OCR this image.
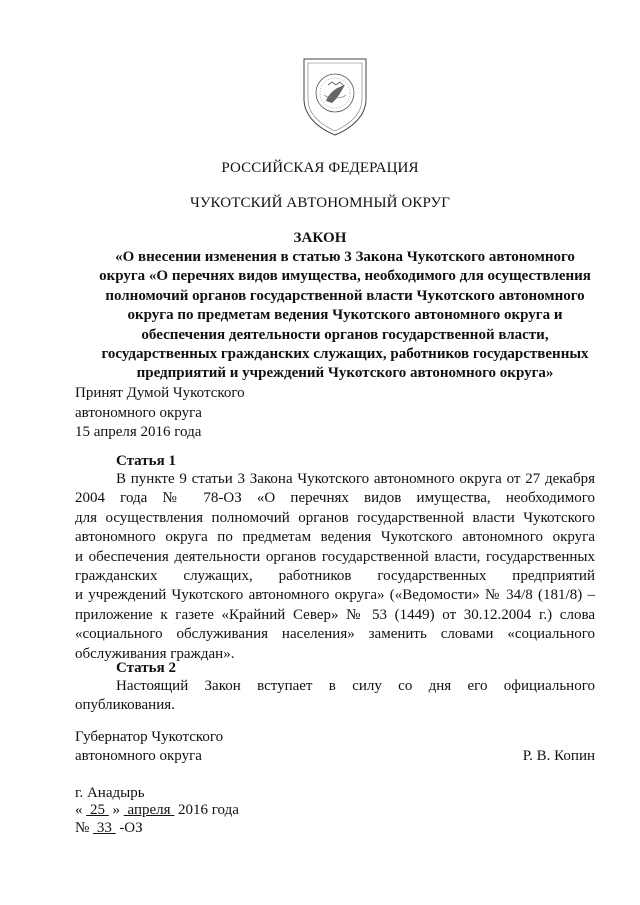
РОССИЙСКАЯ ФЕДЕРАЦИЯ
ЧУКОТСКИЙ АВТОНОМНЫЙ ОКРУГ
ЗАКОН
«О внесении изменения в статью 3 Закона Чукотского автономного
округа «О перечнях видов имущества, необходимого для осуществления
полномочий органов государственной власти Чукотского автономного
округа по предметам ведения Чукотского автономного округа и
обеспечения деятельности органов государственной власти,
государственных гражданских служащих, работников государственных
предприятий и учреждений Чукотского автономного округа»
Принят Думой Чукотского
автономного округа
15 апреля 2016 года
Статья 1
В пункте 9 статьи 3 Закона Чукотского автономного округа от 27 декабря
2004 года № 78-ОЗ «О перечнях видов имущества, необходимого
для осуществления полномочий органов государственной власти Чукотского
автономного округа по предметам ведения Чукотского автономного округа
и обеспечения деятельности органов государственной власти, государственных
гражданских служащих, работников государственных предприятий
и учреждений Чукотского автономного округа» («Ведомости» № 34/8 (181/8) –
приложение к газете «Крайний Север» № 53 (1449) от 30.12.2004 г.) слова
«социального обслуживания населения» заменить словами «социального
обслуживания граждан».
Статья 2
Настоящий Закон вступает в силу со дня его официального
опубликования.
Губернатор Чукотского
автономного округа	Р. В. Копин
г. Анадырь
« 25 » апреля 2016 года
№ 33 -ОЗ
